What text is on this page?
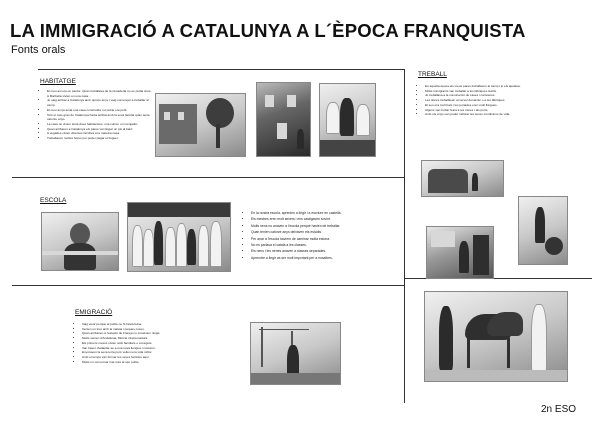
LA IMMIGRACIÓ A CATALUNYA A L´ÈPOCA FRANQUISTA
Fonts orals
HABITATGE
• El meu avi era un pastor. Quan treballava de la ramaderia no es podia viure. A Marbella vivien en una casa...
• Jo vaig arribar a Catalunya amb quinze anys i vaig començar a treballar al camp.
• El meu avi ja tenia una casa construïda i el poble era petit.
• Tots el més gran de Catalunya havia arribat amb la seva família quan tenia catorze anys.
• La casa on vivien tenia dues habitacions, una cuina i un menjador.
• Quan arribaren a Catalunya els pares van llogar un pis al barri.
• A vegades vivien diverses famílies a la mateixa casa.
• Treballaven moltes hores per poder pagar el lloguer.
TREBALL
• En aquella època els meus pares treballaven al camp i jo els ajudava.
• Molts immigrants van treballar a les fàbriques tèxtils.
• Jo treballava a la construcció de cases i carreteres.
• Les dones treballaven al servei domèstic o a les fàbriques.
• El sou era molt baix i les jornades eren molt llargues.
• Alguns van trobar feina a les mines i als ports.
• Amb els anys van poder millorar les seves condicions de vida.
ESCOLA
• En la nostra escola, aprenien a llegir i a escriure en castellà.
• Els mestres eren molt severs i ens castigaven sovint.
• Molts nens no anaven a l'escola perquè havien de treballar.
• Quan tenien catorze anys deixaven els estudis.
• Per anar a l'escola havíem de caminar molta estona.
• No es parlava el català a les classes.
• Els nens i les nenes anaven a classes separades.
• Aprendre a llegir va ser molt important per a nosaltres.
EMIGRACIÓ
• Vaig venir perquè al poble no hi havia feina.
• Venien en tren amb la maleta i poques coses.
• Quan arribaven a l'estació de França no coneixien ningú.
• Molts venien d'Andalusia, Múrcia i Extremadura.
• Els primers mesos vivien amb familiars o coneguts.
• Van haver d'adaptar-se a una nova llengua i costums.
• Enyoraven la seva terra però volien una vida millor.
• Amb el temps van formar les seves famílies aquí.
• Molts no van tornar mai més al seu poble.
2n ESO
